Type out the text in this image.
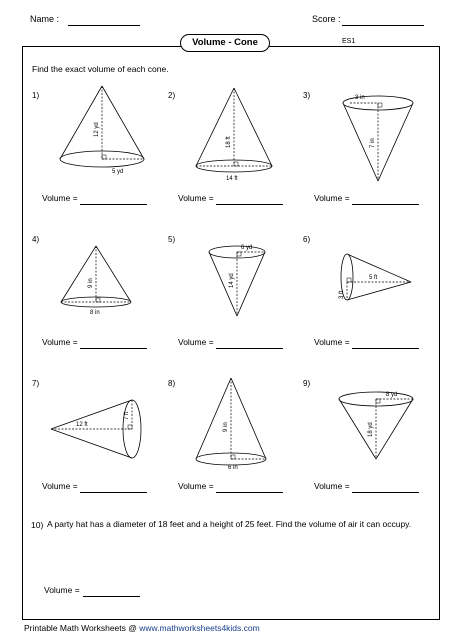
Name :	Score :
Volume - Cone	ES1
Find the exact volume of each cone.
1)	2)	3)
4)	5)	6)
7)	8)	9)
12 yd
5 yd
18 ft
14 ft
3 in
7 in
9 in
8 in
6 yd
14 yd	5 ft
3 ft
12 ft
7 ft
9 in
6 in
8 yd
18 yd
Volume =	Volume =	Volume =
Volume =	Volume =	Volume =
Volume =	Volume =	Volume =
10) A party hat has a diameter of 18 feet and a height of 25 feet. Find the volume of air it can occupy.
Volume =
Printable Math Worksheets @ www.mathworksheets4kids.com
